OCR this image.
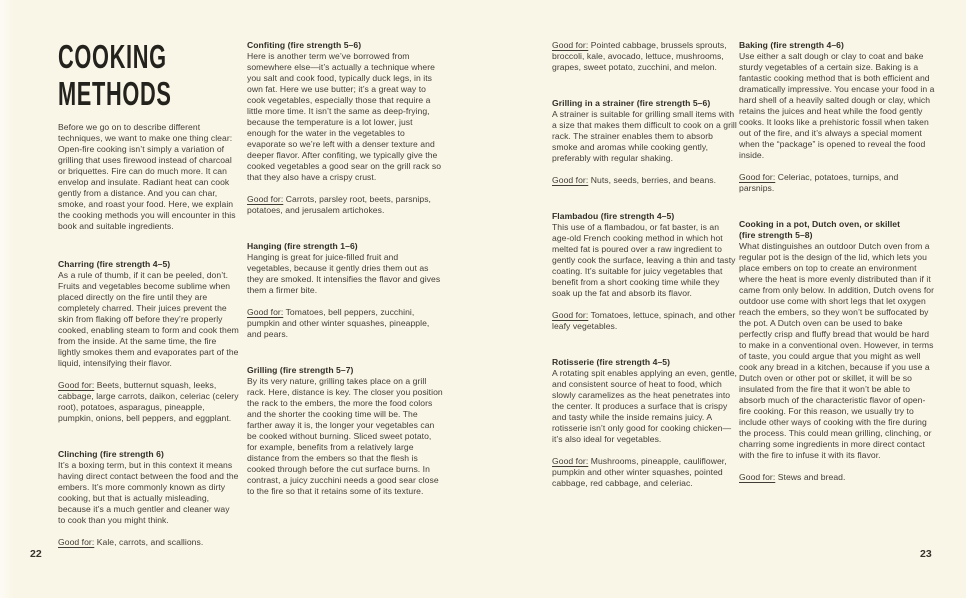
COOKING
METHODS
Before we go on to describe different techniques, we want to make one thing clear: Open-fire cooking isn’t simply a variation of grilling that uses firewood instead of charcoal or briquettes. Fire can do much more. It can envelop and insulate. Radiant heat can cook gently from a distance. And you can char, smoke, and roast your food. Here, we explain the cooking methods you will encounter in this book and suitable ingredients.
Charring (fire strength 4–5)
As a rule of thumb, if it can be peeled, don’t. Fruits and vegetables become sublime when placed directly on the fire until they are completely charred. Their juices prevent the skin from flaking off before they’re properly cooked, enabling steam to form and cook them from the inside. At the same time, the fire lightly smokes them and evaporates part of the liquid, intensifying their flavor.
Good for: Beets, butternut squash, leeks, cabbage, large carrots, daikon, celeriac (celery root), potatoes, asparagus, pineapple, pumpkin, onions, bell peppers, and eggplant.
Clinching (fire strength 6)
It’s a boxing term, but in this context it means having direct contact between the food and the embers. It’s more commonly known as dirty cooking, but that is actually misleading, because it’s a much gentler and cleaner way to cook than you might think.
Good for: Kale, carrots, and scallions.
Confiting (fire strength 5–6)
Here is another term we’ve borrowed from somewhere else—it’s actually a technique where you salt and cook food, typically duck legs, in its own fat. Here we use butter; it’s a great way to cook vegetables, especially those that require a little more time. It isn’t the same as deep-frying, because the temperature is a lot lower, just enough for the water in the vegetables to evaporate so we’re left with a denser texture and deeper flavor. After confiting, we typically give the cooked vegetables a good sear on the grill rack so that they also have a crispy crust.
Good for: Carrots, parsley root, beets, parsnips, potatoes, and jerusalem artichokes.
Hanging (fire strength 1–6)
Hanging is great for juice-filled fruit and vegetables, because it gently dries them out as they are smoked. It intensifies the flavor and gives them a firmer bite.
Good for: Tomatoes, bell peppers, zucchini, pumpkin and other winter squashes, pineapple, and pears.
Grilling (fire strength 5–7)
By its very nature, grilling takes place on a grill rack. Here, distance is key. The closer you position the rack to the embers, the more the food colors and the shorter the cooking time will be. The farther away it is, the longer your vegetables can be cooked without burning. Sliced sweet potato, for example, benefits from a relatively large distance from the embers so that the flesh is cooked through before the cut surface burns. In contrast, a juicy zucchini needs a good sear close to the fire so that it retains some of its texture.
Good for: Pointed cabbage, brussels sprouts, broccoli, kale, avocado, lettuce, mushrooms, grapes, sweet potato, zucchini, and melon.
Grilling in a strainer (fire strength 5–6)
A strainer is suitable for grilling small items with a size that makes them difficult to cook on a grill rack. The strainer enables them to absorb smoke and aromas while cooking gently, preferably with regular shaking.
Good for: Nuts, seeds, berries, and beans.
Flambadou (fire strength 4–5)
This use of a flambadou, or fat baster, is an age-old French cooking method in which hot melted fat is poured over a raw ingredient to gently cook the surface, leaving a thin and tasty coating. It’s suitable for juicy vegetables that benefit from a short cooking time while they soak up the fat and absorb its flavor.
Good for: Tomatoes, lettuce, spinach, and other leafy vegetables.
Rotisserie (fire strength 4–5)
A rotating spit enables applying an even, gentle, and consistent source of heat to food, which slowly caramelizes as the heat penetrates into the center. It produces a surface that is crispy and tasty while the inside remains juicy. A rotisserie isn’t only good for cooking chicken—it’s also ideal for vegetables.
Good for: Mushrooms, pineapple, cauliflower, pumpkin and other winter squashes, pointed cabbage, red cabbage, and celeriac.
Baking (fire strength 4–6)
Use either a salt dough or clay to coat and bake sturdy vegetables of a certain size. Baking is a fantastic cooking method that is both efficient and dramatically impressive. You encase your food in a hard shell of a heavily salted dough or clay, which retains the juices and heat while the food gently cooks. It looks like a prehistoric fossil when taken out of the fire, and it’s always a special moment when the “package” is opened to reveal the food inside.
Good for: Celeriac, potatoes, turnips, and parsnips.
Cooking in a pot, Dutch oven, or skillet
(fire strength 5–8)
What distinguishes an outdoor Dutch oven from a regular pot is the design of the lid, which lets you place embers on top to create an environment where the heat is more evenly distributed than if it came from only below. In addition, Dutch ovens for outdoor use come with short legs that let oxygen reach the embers, so they won’t be suffocated by the pot. A Dutch oven can be used to bake perfectly crisp and fluffy bread that would be hard to make in a conventional oven. However, in terms of taste, you could argue that you might as well cook any bread in a kitchen, because if you use a Dutch oven or other pot or skillet, it will be so insulated from the fire that it won’t be able to absorb much of the characteristic flavor of open-fire cooking. For this reason, we usually try to include other ways of cooking with the fire during the process. This could mean grilling, clinching, or charring some ingredients in more direct contact with the fire to infuse it with its flavor.
Good for: Stews and bread.
22	23
